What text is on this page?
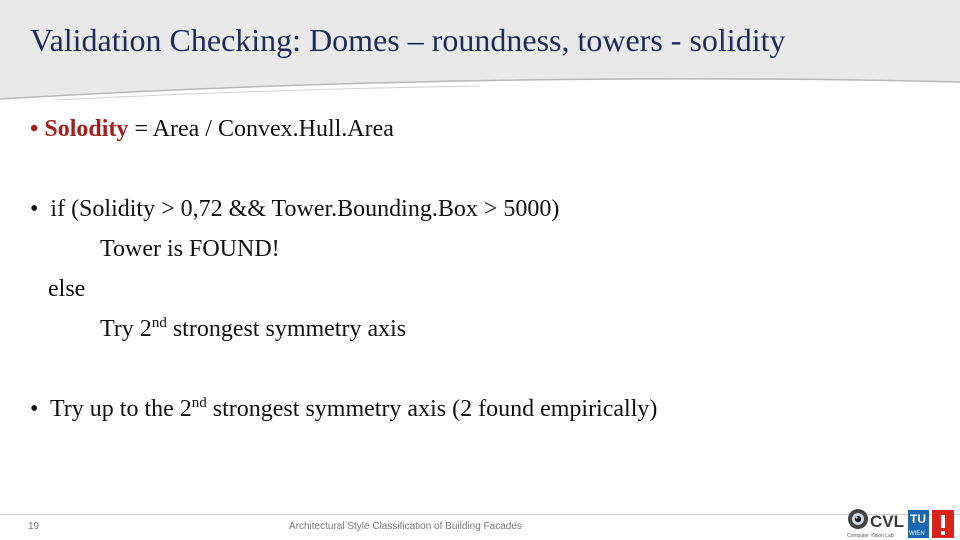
Validation Checking: Domes – roundness, towers - solidity
• Solodity = Area / Convex.Hull.Area
• if (Solidity > 0,72 && Tower.Bounding.Box > 5000)
Tower is FOUND!
else
Try 2nd strongest symmetry axis
• Try up to the 2nd strongest symmetry axis (2 found empirically)
19	Architectural Style Classification of Building Facades	CVL
Computer Vision Lab
TU
WIEN
